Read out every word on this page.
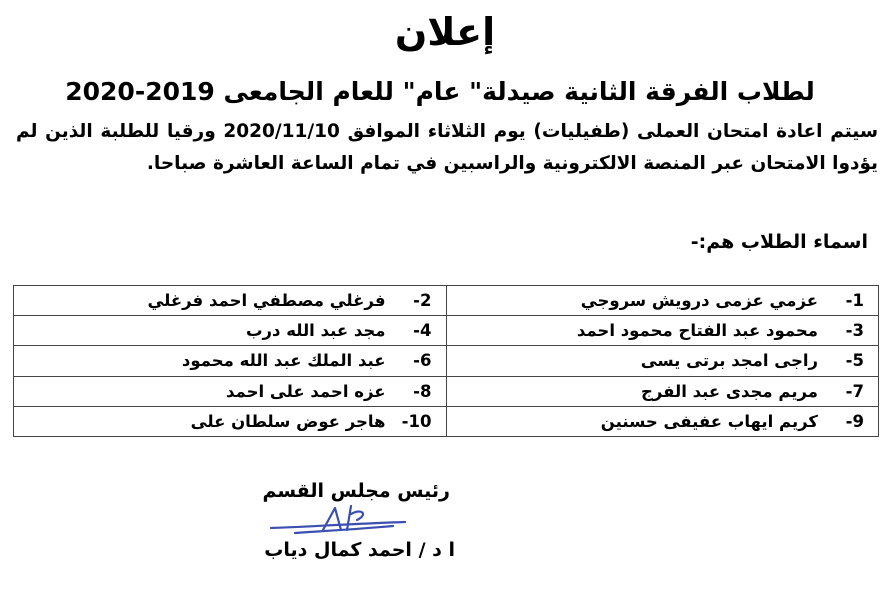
إعلان
لطلاب الفرقة الثانية صيدلة" عام" للعام الجامعى 2019-2020
سيتم اعادة امتحان العملى (طفيليات) يوم الثلاثاء الموافق 2020/11/10 ورقيا للطلبة الذين لم يؤدوا الامتحان عبر المنصة الالكترونية والراسبين في تمام الساعة العاشرة صباحا.
اسماء الطلاب هم:-
1-عزمي عزمى درويش سروجي	2-فرغلي مصطفي احمد فرغلي
3-محمود عبد الفتاح محمود احمد	4-مجد عبد الله درب
5-راجى امجد برتى يسى	6-عبد الملك عبد الله محمود
7-مريم مجدى عبد الفرج	8-عزه احمد على احمد
9-كريم ايهاب عفيفى حسنين	10-هاجر عوض سلطان على
رئيس مجلس القسم
ا د / احمد كمال دياب
